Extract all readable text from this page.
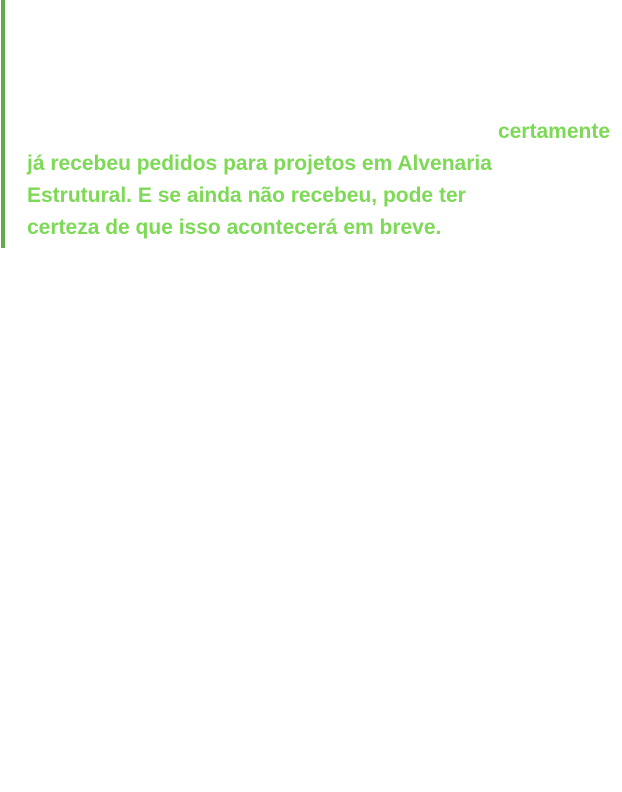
certamente
já recebeu pedidos para projetos em Alvenaria
Estrutural. E se ainda não recebeu, pode ter
certeza de que isso acontecerá em breve.
